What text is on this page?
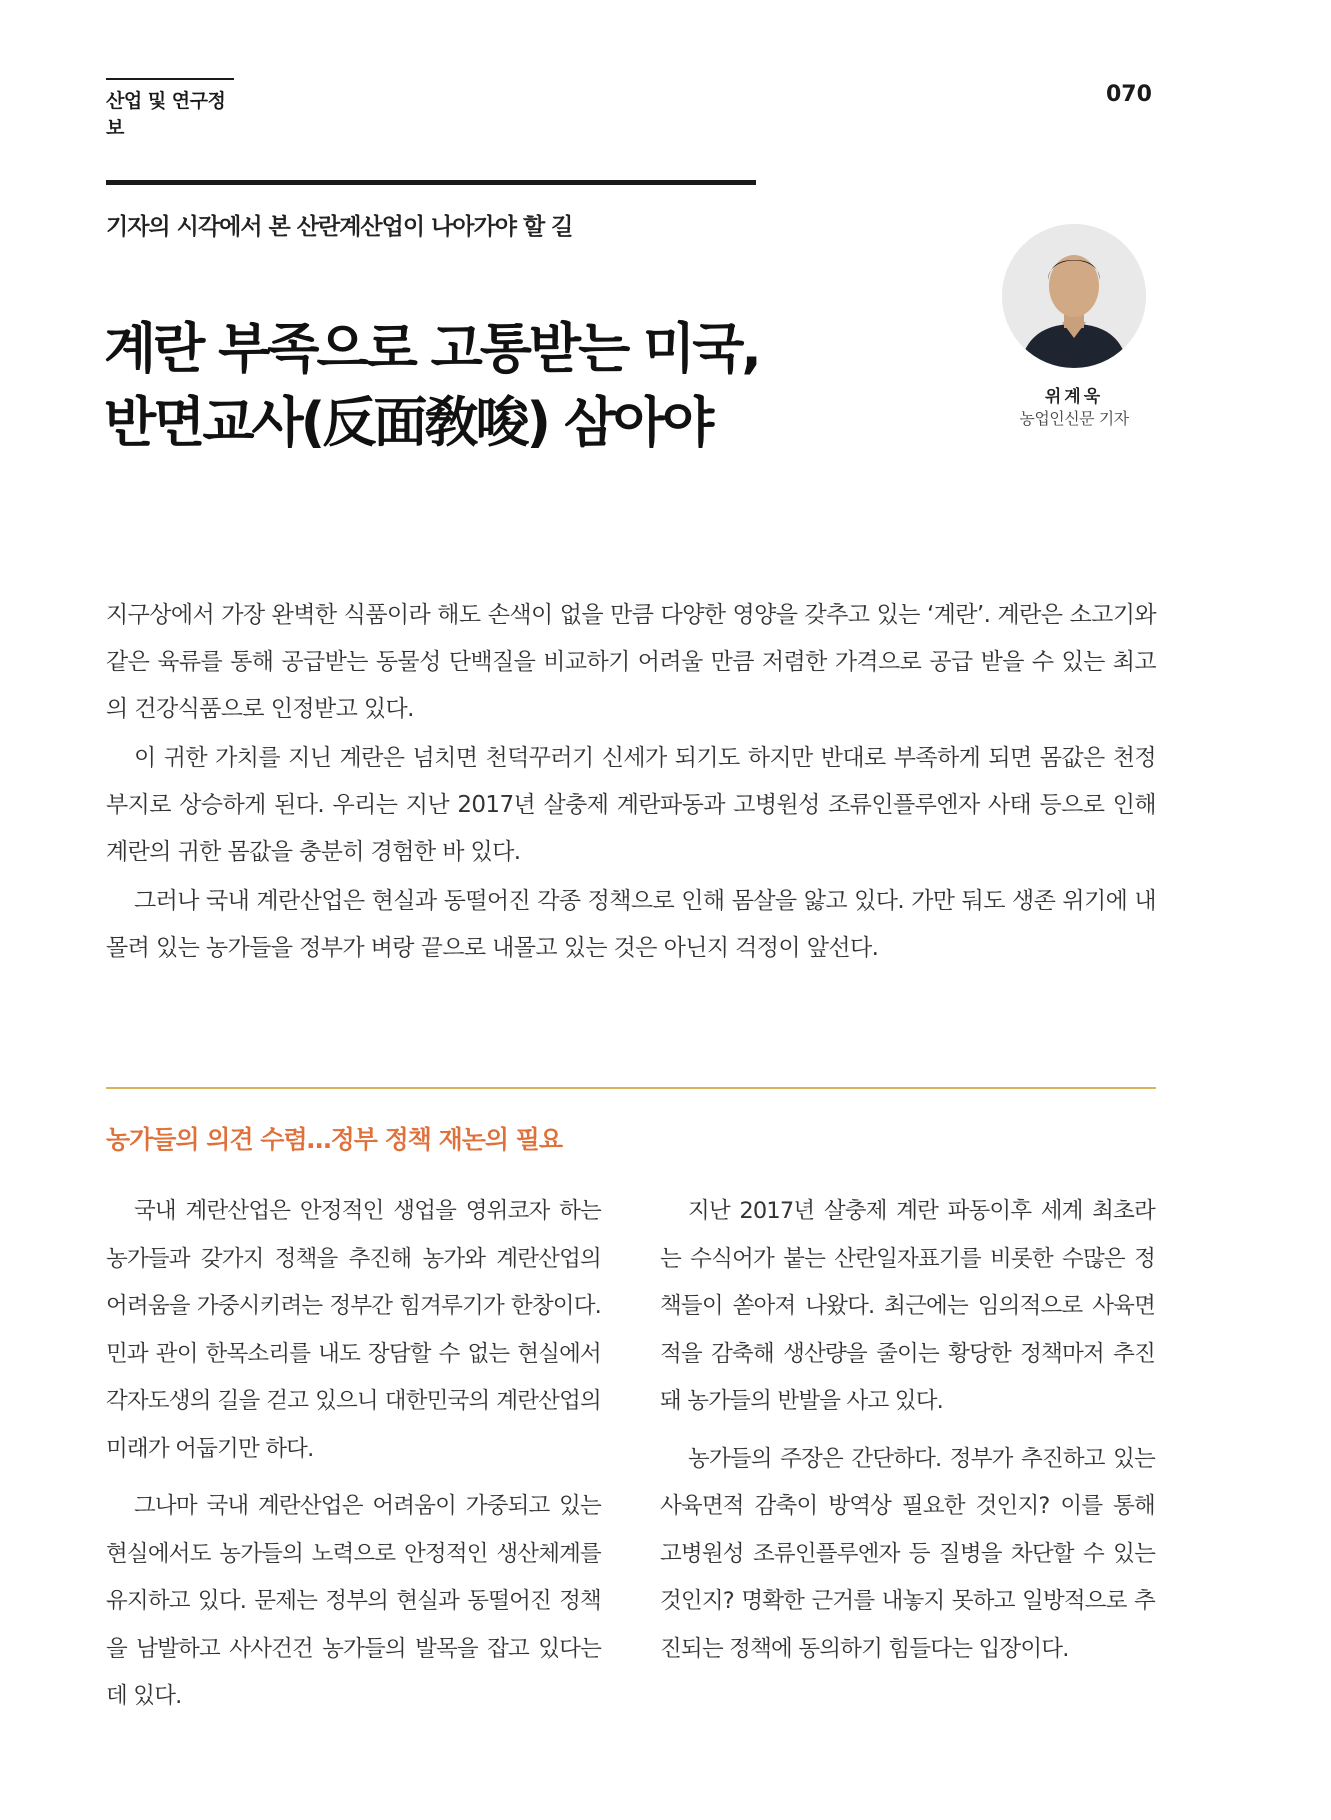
산업 및 연구정보
070
기자의 시각에서 본 산란계산업이 나아가야 할 길
계란 부족으로 고통받는 미국,
반면교사(反面敎唆) 삼아야	위계욱
농업인신문 기자

지구상에서 가장 완벽한 식품이라 해도 손색이 없을 만큼 다양한 영양을 갖추고 있는 ‘계란’. 계란은 소고기와 같은 육류를 통해 공급받는 동물성 단백질을 비교하기 어려울 만큼 저렴한 가격으로 공급 받을 수 있는 최고의 건강식품으로 인정받고 있다.

이 귀한 가치를 지닌 계란은 넘치면 천덕꾸러기 신세가 되기도 하지만 반대로 부족하게 되면 몸값은 천정부지로 상승하게 된다. 우리는 지난 2017년 살충제 계란파동과 고병원성 조류인플루엔자 사태 등으로 인해 계란의 귀한 몸값을 충분히 경험한 바 있다.

그러나 국내 계란산업은 현실과 동떨어진 각종 정책으로 인해 몸살을 앓고 있다. 가만 둬도 생존 위기에 내몰려 있는 농가들을 정부가 벼랑 끝으로 내몰고 있는 것은 아닌지 걱정이 앞선다.

농가들의 의견 수렴…정부 정책 재논의 필요

국내 계란산업은 안정적인 생업을 영위코자 하는 농가들과 갖가지 정책을 추진해 농가와 계란산업의 어려움을 가중시키려는 정부간 힘겨루기가 한창이다. 민과 관이 한목소리를 내도 장담할 수 없는 현실에서 각자도생의 길을 걷고 있으니 대한민국의 계란산업의 미래가 어둡기만 하다.

그나마 국내 계란산업은 어려움이 가중되고 있는 현실에서도 농가들의 노력으로 안정적인 생산체계를 유지하고 있다. 문제는 정부의 현실과 동떨어진 정책을 남발하고 사사건건 농가들의 발목을 잡고 있다는 데 있다.

지난 2017년 살충제 계란 파동이후 세계 최초라는 수식어가 붙는 산란일자표기를 비롯한 수많은 정책들이 쏟아져 나왔다. 최근에는 임의적으로 사육면적을 감축해 생산량을 줄이는 황당한 정책마저 추진돼 농가들의 반발을 사고 있다.

농가들의 주장은 간단하다. 정부가 추진하고 있는 사육면적 감축이 방역상 필요한 것인지? 이를 통해 고병원성 조류인플루엔자 등 질병을 차단할 수 있는 것인지? 명확한 근거를 내놓지 못하고 일방적으로 추진되는 정책에 동의하기 힘들다는 입장이다.
